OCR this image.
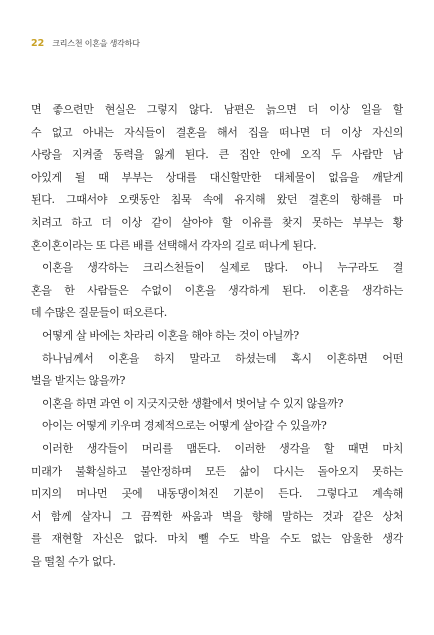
22 크리스천 이혼을 생각하다
면 좋으련만 현실은 그렇지 않다. 남편은 늙으면 더 이상 일을 할
수 없고 아내는 자식들이 결혼을 해서 집을 떠나면 더 이상 자신의
사랑을 지켜줄 동력을 잃게 된다. 큰 집안 안에 오직 두 사람만 남
아있게 될 때 부부는 상대를 대신할만한 대체물이 없음을 깨닫게
된다. 그때서야 오랫동안 침묵 속에 유지해 왔던 결혼의 항해를 마
치려고 하고 더 이상 같이 살아야 할 이유를 찾지 못하는 부부는 황
혼이혼이라는 또 다른 배를 선택해서 각자의 길로 떠나게 된다.
이혼을 생각하는 크리스천들이 실제로 많다. 아니 누구라도 결
혼을 한 사람들은 수없이 이혼을 생각하게 된다. 이혼을 생각하는
데 수많은 질문들이 떠오른다.
어떻게 살 바에는 차라리 이혼을 해야 하는 것이 아닐까?
하나님께서 이혼을 하지 말라고 하셨는데 혹시 이혼하면 어떤
벌을 받지는 않을까?
이혼을 하면 과연 이 지긋지긋한 생활에서 벗어날 수 있지 않을까?
아이는 어떻게 키우며 경제적으로는 어떻게 살아갈 수 있을까?
이러한 생각들이 머리를 맴돈다. 이러한 생각을 할 때면 마치
미래가 불확실하고 불안정하며 모든 삶이 다시는 돌아오지 못하는
미지의 머나먼 곳에 내동댕이쳐진 기분이 든다. 그렇다고 계속해
서 함께 살자니 그 끔찍한 싸움과 벽을 향해 말하는 것과 같은 상처
를 재현할 자신은 없다. 마치 뺄 수도 박을 수도 없는 암울한 생각
을 떨칠 수가 없다.
